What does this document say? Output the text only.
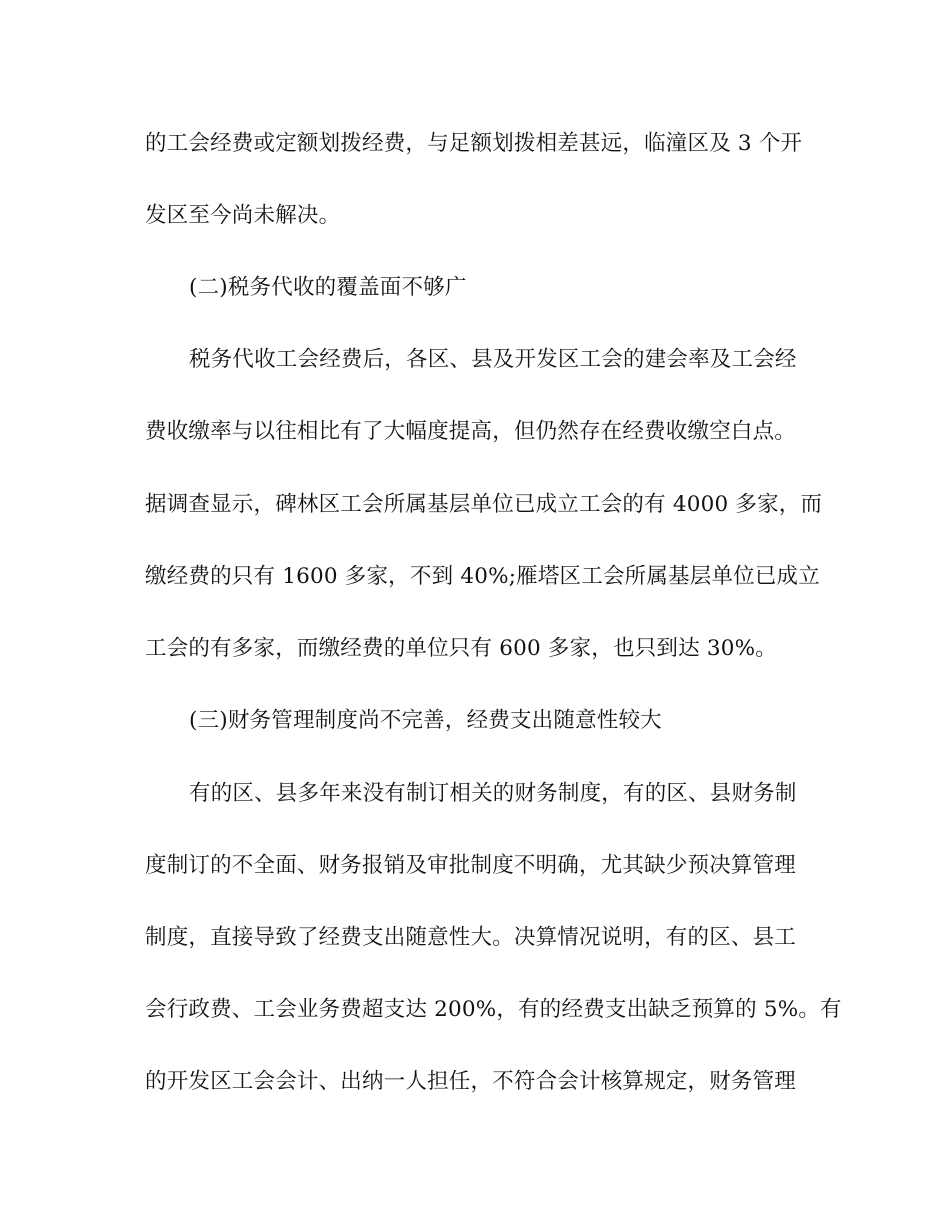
的工会经费或定额划拨经费，与足额划拨相差甚远，临潼区及 3 个开
发区至今尚未解决。
(二)税务代收的覆盖面不够广
税务代收工会经费后，各区、县及开发区工会的建会率及工会经
费收缴率与以往相比有了大幅度提高，但仍然存在经费收缴空白点。
据调查显示，碑林区工会所属基层单位已成立工会的有 4000 多家，而
缴经费的只有 1600 多家，不到 40%;雁塔区工会所属基层单位已成立
工会的有多家，而缴经费的单位只有 600 多家，也只到达 30%。
(三)财务管理制度尚不完善，经费支出随意性较大
有的区、县多年来没有制订相关的财务制度，有的区、县财务制
度制订的不全面、财务报销及审批制度不明确，尤其缺少预决算管理
制度，直接导致了经费支出随意性大。决算情况说明，有的区、县工
会行政费、工会业务费超支达 200%，有的经费支出缺乏预算的 5%。有
的开发区工会会计、出纳一人担任，不符合会计核算规定，财务管理
